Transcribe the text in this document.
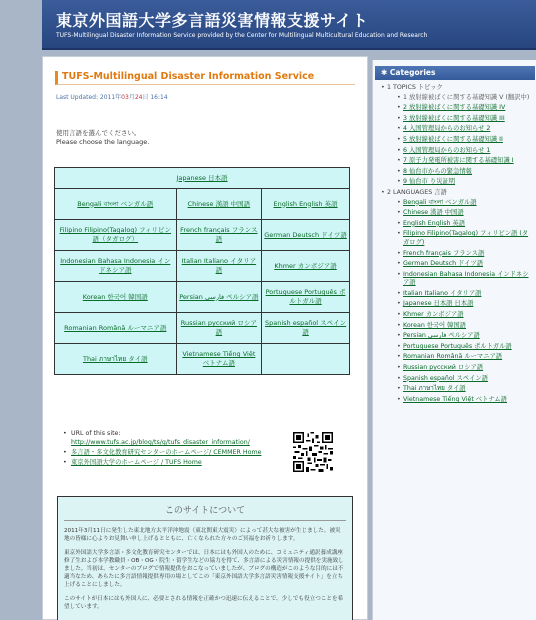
東京外国語大学多言語災害情報支援サイト
TUFS-Multilingual Disaster Information Service provided by the Center for Multilingual Multicultural Education and Research
TUFS-Multilingual Disaster Information Service
Last Updated: 2011年03月24日 16:14
使用言語を選んでください。
Please choose the language.
Japanese 日本語		
Bengali বাংলা ベンガル語	Chinese 漢語 中国語	English English 英語
Filipino Filipino(Tagalog) フィリピン語（タガログ）	French français フランス語	German Deutsch ドイツ語
Indonesian Bahasa Indonesia インドネシア語	Italian Italiano イタリア語	Khmer カンボジア語
Korean 한국어 韓国語	Persian فارسی ペルシア語	Portuguese Português ポルトガル語
Romanian Română ルーマニア語	Russian русский ロシア語	Spanish español スペイン語
Thai ภาษาไทย タイ語	Vietnamese Tiếng Việt ベトナム語	
• URL of this site:
http://www.tufs.ac.jp/blog/ts/g/tufs_disaster_information/
• 多言語・多文化教育研究センターのホームページ/ CEMMER Home
• 東京外国語大学のホームページ / TUFS Home
このサイトについて

2011年3月11日に発生した東北地方太平洋沖地震（東北関東大震災）によって甚大な被害が生じました。被災地の皆様に心よりお見舞い申し上げるとともに、亡くなられた方々のご冥福をお祈りします。

東京外国語大学多言語・多文化教育研究センターでは、日本にはも外国人のために、コミュニティ通訳養成講座修了生および本学教職員・OB・OG・院生・留学生などの協力を得て、多言語による災害情報の提供を実施致しました。当初は、センターのブログで情報提供をおこなっていましたが、ブログの構造がこのような目的には不適当なため、あらたに多言語情報提供専用の場としてこの「東京外国語大学多言語災害情報支援サイト」を立ち上げることにしました。

このサイトが日本にはも外国人に、必要とされる情報を正確かつ迅速に伝えることで、少しでも役立つことを希望しています。

✱ Categories
• 1 TOPICS トピック
• 1 放射線被ばくに関する基礎知識 V (翻訳中)
• 2 放射線被ばくに関する基礎知識 IV
• 3 放射線被ばくに関する基礎知識 III
• 4 入国管理局からのお知らせ 2
• 5 放射線被ばくに関する基礎知識 II
• 6 入国管理局からのお知らせ 1
• 7 原子力発電所被害に関する基礎知識 I
• 8 仙台市からの緊急情報
• 9 仙台市 り災証明
• 2 LANGUAGES 言語
• Bengali বাংলা ベンガル語
• Chinese 漢語 中国語
• English English 英語
• Filipino Filipino(Tagalog) フィリピン語 (タガログ)
• French français フランス語
• German Deutsch ドイツ語
• Indonesian Bahasa Indonesia インドネシア語
• Italian Italiano イタリア語
• Japanese 日本語 日本語
• Khmer カンボジア語
• Korean 한국어 韓国語
• Persian فارسی ペルシア語
• Portuguese Português ポルトガル語
• Romanian Română ルーマニア語
• Russian русский ロシア語
• Spanish español スペイン語
• Thai ภาษาไทย タイ語
• Vietnamese Tiếng Việt ベトナム語
